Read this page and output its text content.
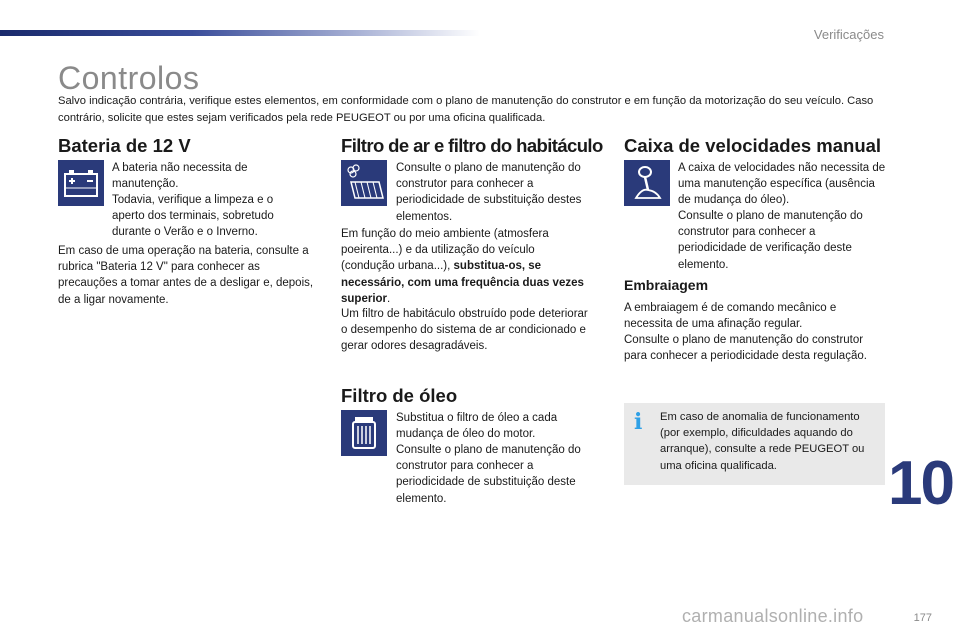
Verificações
Controlos
Salvo indicação contrária, verifique estes elementos, em conformidade com o plano de manutenção do construtor e em função da motorização do seu veículo. Caso contrário, solicite que estes sejam verificados pela rede PEUGEOT ou por uma oficina qualificada.
Bateria de 12 V
A bateria não necessita de manutenção.
Todavia, verifique a limpeza e o aperto dos terminais, sobretudo durante o Verão e o Inverno.
Em caso de uma operação na bateria, consulte a rubrica "Bateria 12 V" para conhecer as precauções a tomar antes de a desligar e, depois, de a ligar novamente.
Filtro de ar e filtro do habitáculo
Consulte o plano de manutenção do construtor para conhecer a periodicidade de substituição destes elementos.
Em função do meio ambiente (atmosfera poeirenta...) e da utilização do veículo (condução urbana...), substitua-os, se necessário, com uma frequência duas vezes superior.
Um filtro de habitáculo obstruído pode deteriorar o desempenho do sistema de ar condicionado e gerar odores desagradáveis.
Filtro de óleo
Substitua o filtro de óleo a cada mudança de óleo do motor.
Consulte o plano de manutenção do construtor para conhecer a periodicidade de substituição deste elemento.
Caixa de velocidades manual
A caixa de velocidades não necessita de uma manutenção específica (ausência de mudança do óleo).
Consulte o plano de manutenção do construtor para conhecer a periodicidade de verificação deste elemento.
Embraiagem
A embraiagem é de comando mecânico e necessita de uma afinação regular.
Consulte o plano de manutenção do construtor para conhecer a periodicidade desta regulação.
i Em caso de anomalia de funcionamento (por exemplo, dificuldades aquando do arranque), consulte a rede PEUGEOT ou uma oficina qualificada.	10
carmanualsonline.info	177
